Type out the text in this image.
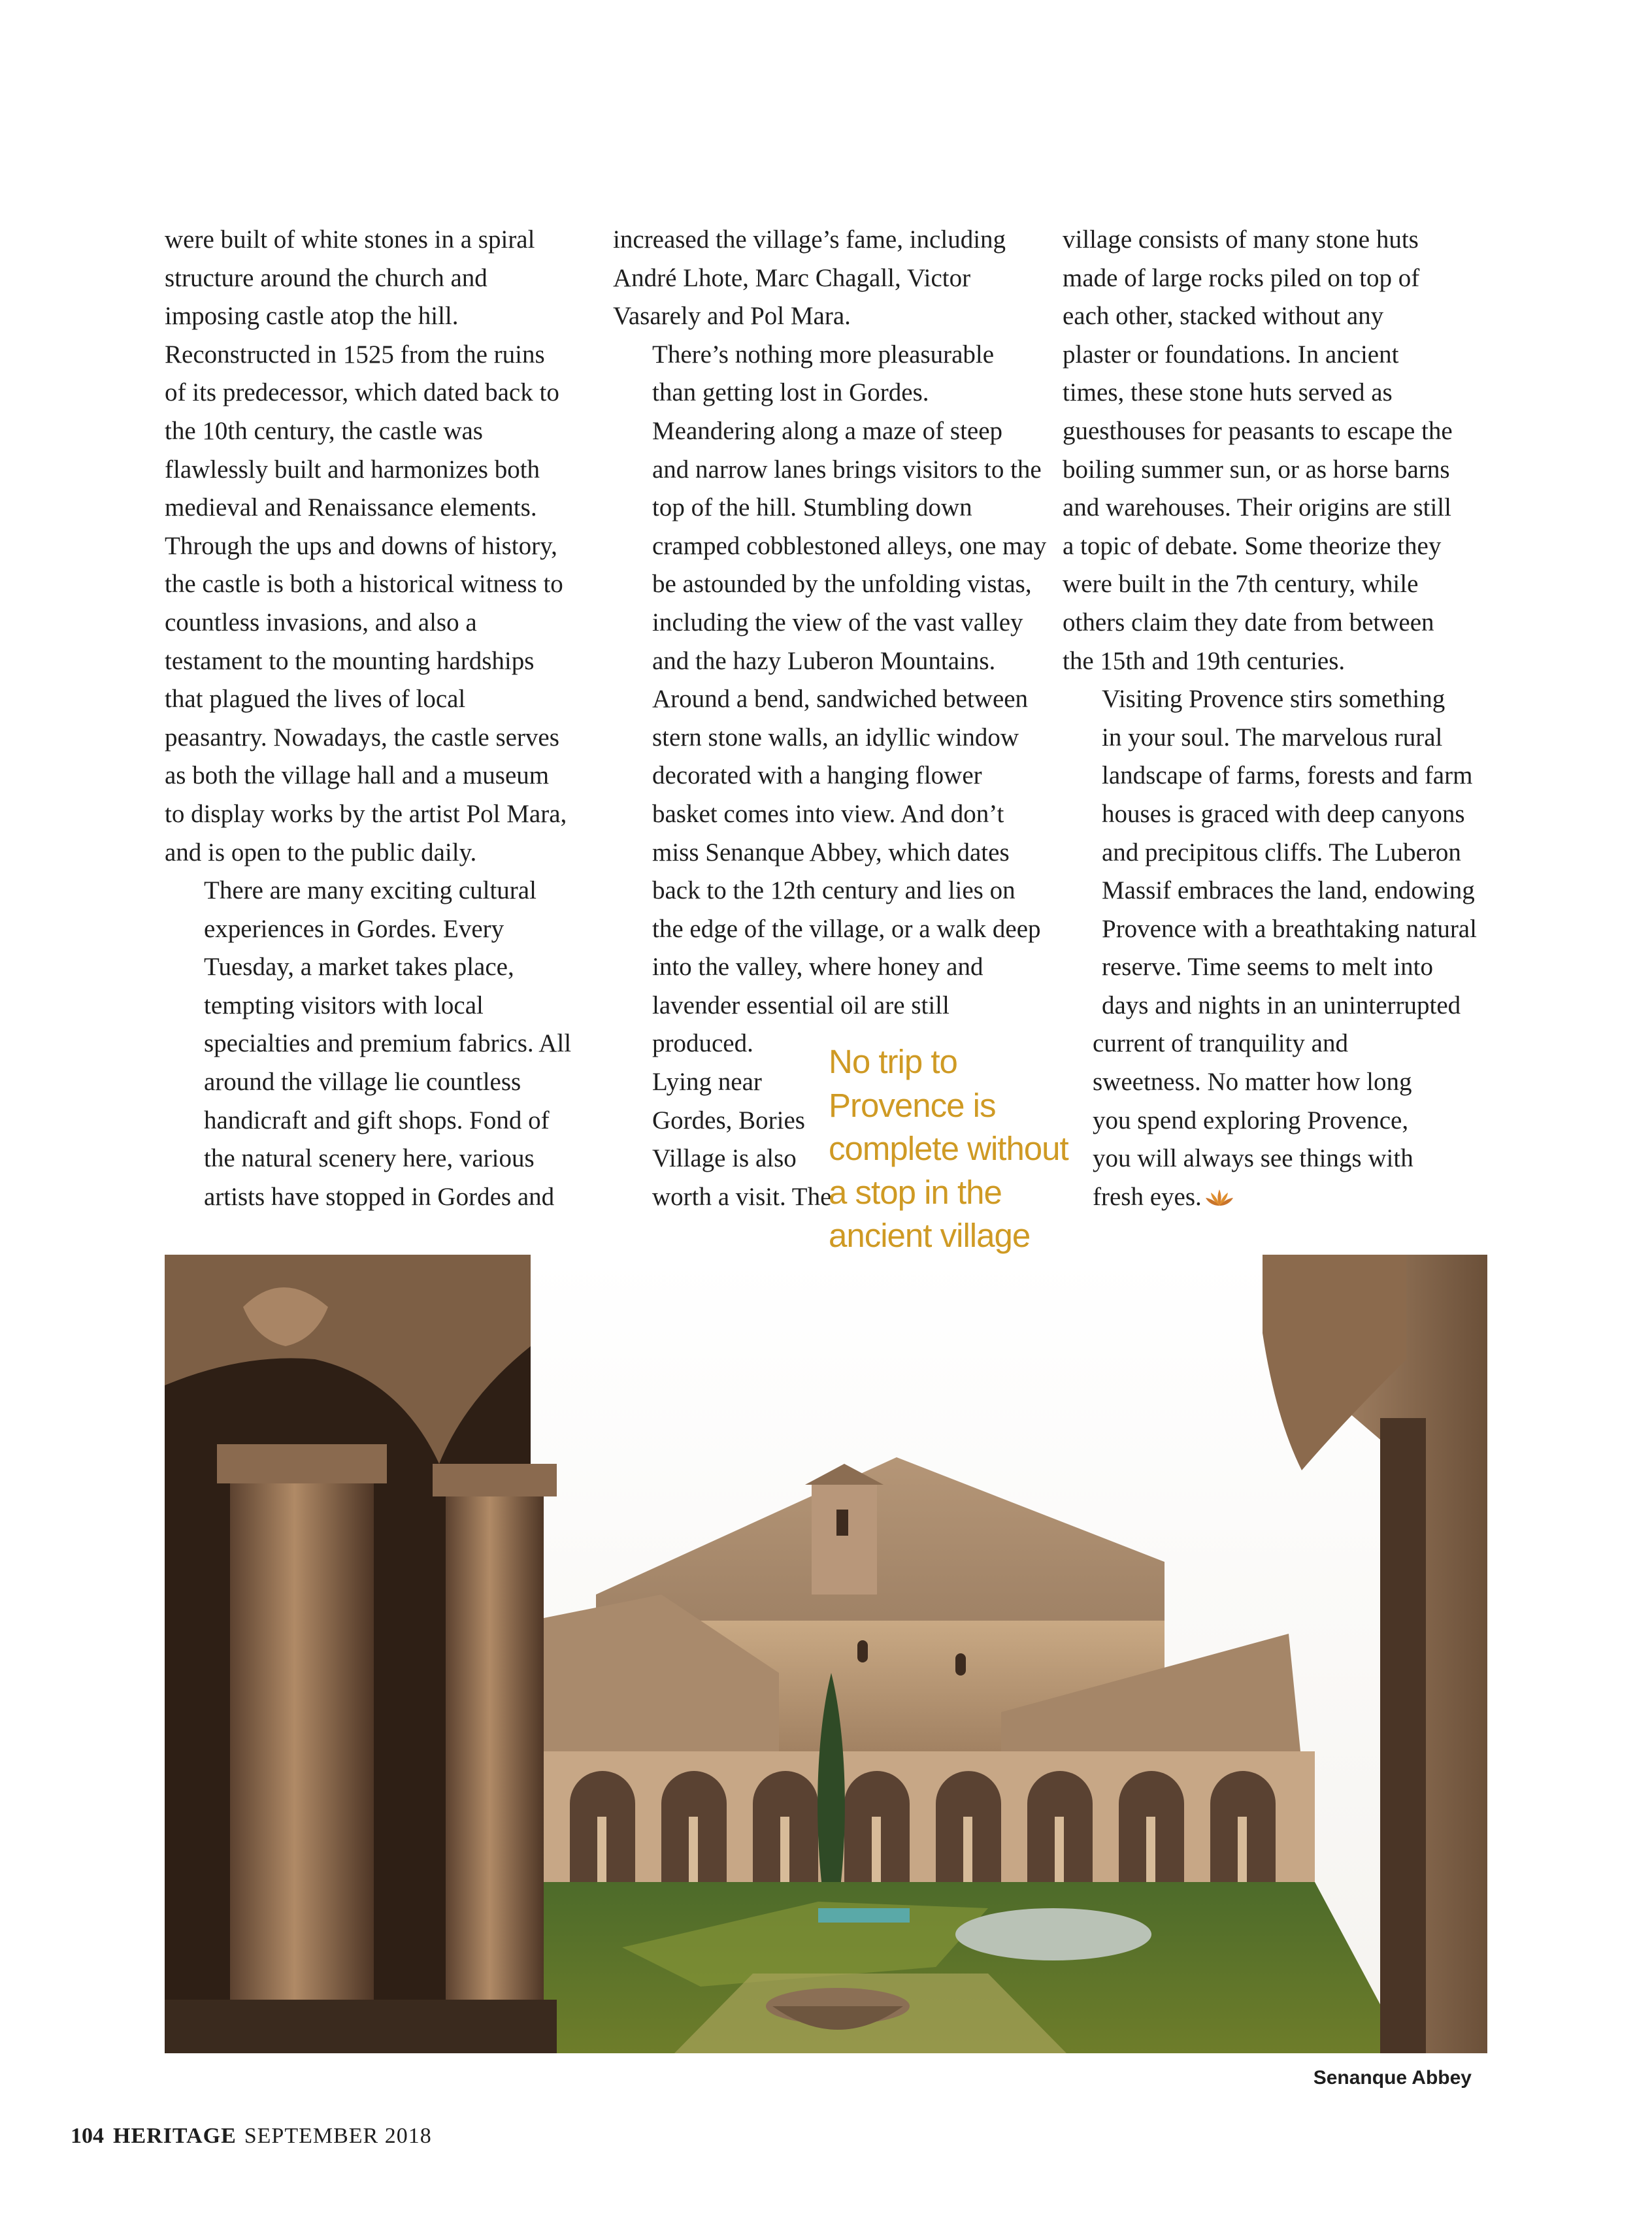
were built of white stones in a spiral
structure around the church and
imposing castle atop the hill.
Reconstructed in 1525 from the ruins
of its predecessor, which dated back to
the 10th century, the castle was
flawlessly built and harmonizes both
medieval and Renaissance elements.
Through the ups and downs of history,
the castle is both a historical witness to
countless invasions, and also a
testament to the mounting hardships
that plagued the lives of local
peasantry. Nowadays, the castle serves
as both the village hall and a museum
to display works by the artist Pol Mara,
and is open to the public daily.

There are many exciting cultural
experiences in Gordes. Every
Tuesday, a market takes place,
tempting visitors with local
specialties and premium fabrics. All
around the village lie countless
handicraft and gift shops. Fond of
the natural scenery here, various
artists have stopped in Gordes and

increased the village’s fame, including
André Lhote, Marc Chagall, Victor
Vasarely and Pol Mara.

There’s nothing more pleasurable
than getting lost in Gordes.
Meandering along a maze of steep
and narrow lanes brings visitors to the
top of the hill. Stumbling down
cramped cobblestoned alleys, one may
be astounded by the unfolding vistas,
including the view of the vast valley
and the hazy Luberon Mountains.
Around a bend, sandwiched between
stern stone walls, an idyllic window
decorated with a hanging flower
basket comes into view. And don’t
miss Senanque Abbey, which dates
back to the 12th century and lies on
the edge of the village, or a walk deep
into the valley, where honey and
lavender essential oil are still
produced.

Lying near
Gordes, Bories
Village is also
worth a visit. The

village consists of many stone huts
made of large rocks piled on top of
each other, stacked without any
plaster or foundations. In ancient
times, these stone huts served as
guesthouses for peasants to escape the
boiling summer sun, or as horse barns
and warehouses. Their origins are still
a topic of debate. Some theorize they
were built in the 7th century, while
others claim they date from between
the 15th and 19th centuries.

Visiting Provence stirs something
in your soul. The marvelous rural
landscape of farms, forests and farm
houses is graced with deep canyons
and precipitous cliffs. The Luberon
Massif embraces the land, endowing
Provence with a breathtaking natural
reserve. Time seems to melt into
days and nights in an uninterrupted

current of tranquility and
sweetness. No matter how long
you spend exploring Provence,
you will always see things with
fresh eyes.
No trip to
Provence is
complete without
a stop in the
ancient village
Senanque Abbey
104 HERITAGE SEPTEMBER 2018
